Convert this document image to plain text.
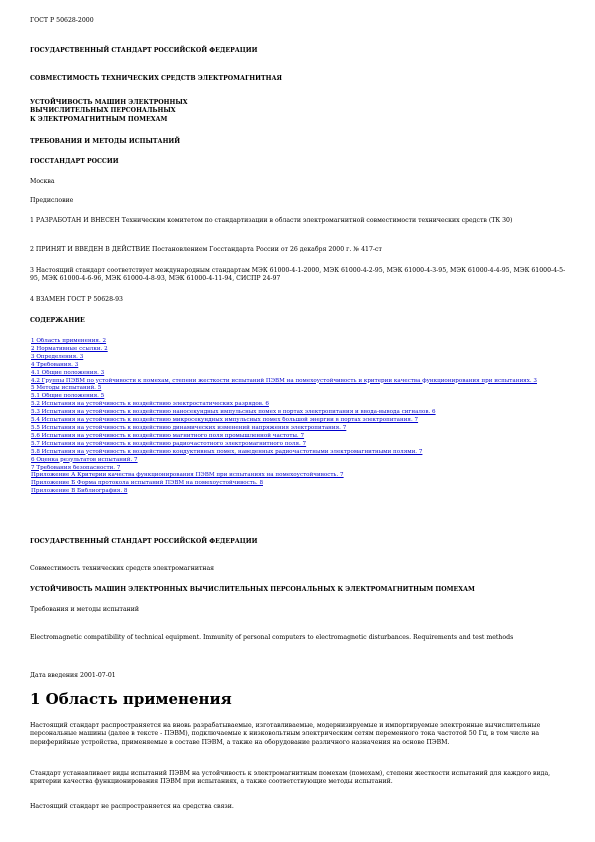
ГОСТ Р 50628-2000
ГОСУДАРСТВЕННЫЙ СТАНДАРТ РОССИЙСКОЙ ФЕДЕРАЦИИ
СОВМЕСТИМОСТЬ ТЕХНИЧЕСКИХ СРЕДСТВ ЭЛЕКТРОМАГНИТНАЯ
УСТОЙЧИВОСТЬ МАШИН ЭЛЕКТРОННЫХ
ВЫЧИСЛИТЕЛЬНЫХ ПЕРСОНАЛЬНЫХ
К ЭЛЕКТРОМАГНИТНЫМ ПОМЕХАМ
ТРЕБОВАНИЯ И МЕТОДЫ ИСПЫТАНИЙ
ГОССТАНДАРТ РОССИИ
Москва
Предисловие
1 РАЗРАБОТАН И ВНЕСЕН Техническим комитетом по стандартизации в области электромагнитной совместимости технических средств (ТК 30)
2 ПРИНЯТ И ВВЕДЕН В ДЕЙСТВИЕ Постановлением Госстандарта России от 26 декабря 2000 г. № 417-ст
3 Настоящий стандарт соответствует международным стандартам МЭК 61000-4-1-2000, МЭК 61000-4-2-95, МЭК 61000-4-3-95, МЭК 61000-4-4-95, МЭК 61000-4-5-95, МЭК 61000-4-6-96, МЭК 61000-4-8-93, МЭК 61000-4-11-94, СИСПР 24-97
4 ВЗАМЕН ГОСТ Р 50628-93
СОДЕРЖАНИЕ
1 Область применения. 2
2 Нормативные ссылки. 2
3 Определения. 3
4 Требования. 3
4.1 Общие положения. 3
4.2 Группы ПЭВМ по устойчивости к помехам, степени жесткости испытаний ПЭВМ на помехоустойчивость и критерии качества функционирования при испытаниях. 3
5 Методы испытаний. 5
5.1 Общие положения. 5
5.2 Испытания на устойчивость к воздействию электростатических разрядов. 6
5.3 Испытания на устойчивость к воздействию наносекундных импульсных помех в портах электропитания и ввода-вывода сигналов. 6
5.4 Испытания на устойчивость к воздействию микросекундных импульсных помех большой энергии в портах электропитания. 7
5.5 Испытания на устойчивость к воздействию динамических изменений напряжения электропитания. 7
5.6 Испытания на устойчивость к воздействию магнитного поля промышленной частоты. 7
5.7 Испытания на устойчивость к воздействию радиочастотного электромагнитного поля. 7
5.8 Испытания на устойчивость к воздействию кондуктивных помех, наведенных радиочастотными электромагнитными полями. 7
6 Оценка результатов испытаний. 7
7 Требования безопасности. 7
Приложение А Критерии качества функционирования ПЭВМ при испытаниях на помехоустойчивость. 7
Приложение Б Форма протокола испытаний ПЭВМ на помехоустойчивость. 8
Приложение В Библиография. 8
ГОСУДАРСТВЕННЫЙ СТАНДАРТ РОССИЙСКОЙ ФЕДЕРАЦИИ
Совместимость технических средств электромагнитная
УСТОЙЧИВОСТЬ МАШИН ЭЛЕКТРОННЫХ ВЫЧИСЛИТЕЛЬНЫХ ПЕРСОНАЛЬНЫХ К ЭЛЕКТРОМАГНИТНЫМ ПОМЕХАМ
Требования и методы испытаний
Electromagnetic compatibility of technical equipment. Immunity of personal computers to electromagnetic disturbances. Requirements and test methods
Дата введения 2001-07-01
1 Область применения
Настоящий стандарт распространяется на вновь разрабатываемые, изготавливаемые, модернизируемые и импортируемые электронные вычислительные персональные машины (далее в тексте - ПЭВМ), подключаемые к низковольтным электрическим сетям переменного тока частотой 50 Гц, в том числе на периферийные устройства, применяемые в составе ПЭВМ, а также на оборудование различного назначения на основе ПЭВМ.
Стандарт устанавливает виды испытаний ПЭВМ на устойчивость к электромагнитным помехам (помехам), степени жесткости испытаний для каждого вида, критерии качества функционирования ПЭВМ при испытаниях, а также соответствующие методы испытаний.
Настоящий стандарт не распространяется на средства связи.
